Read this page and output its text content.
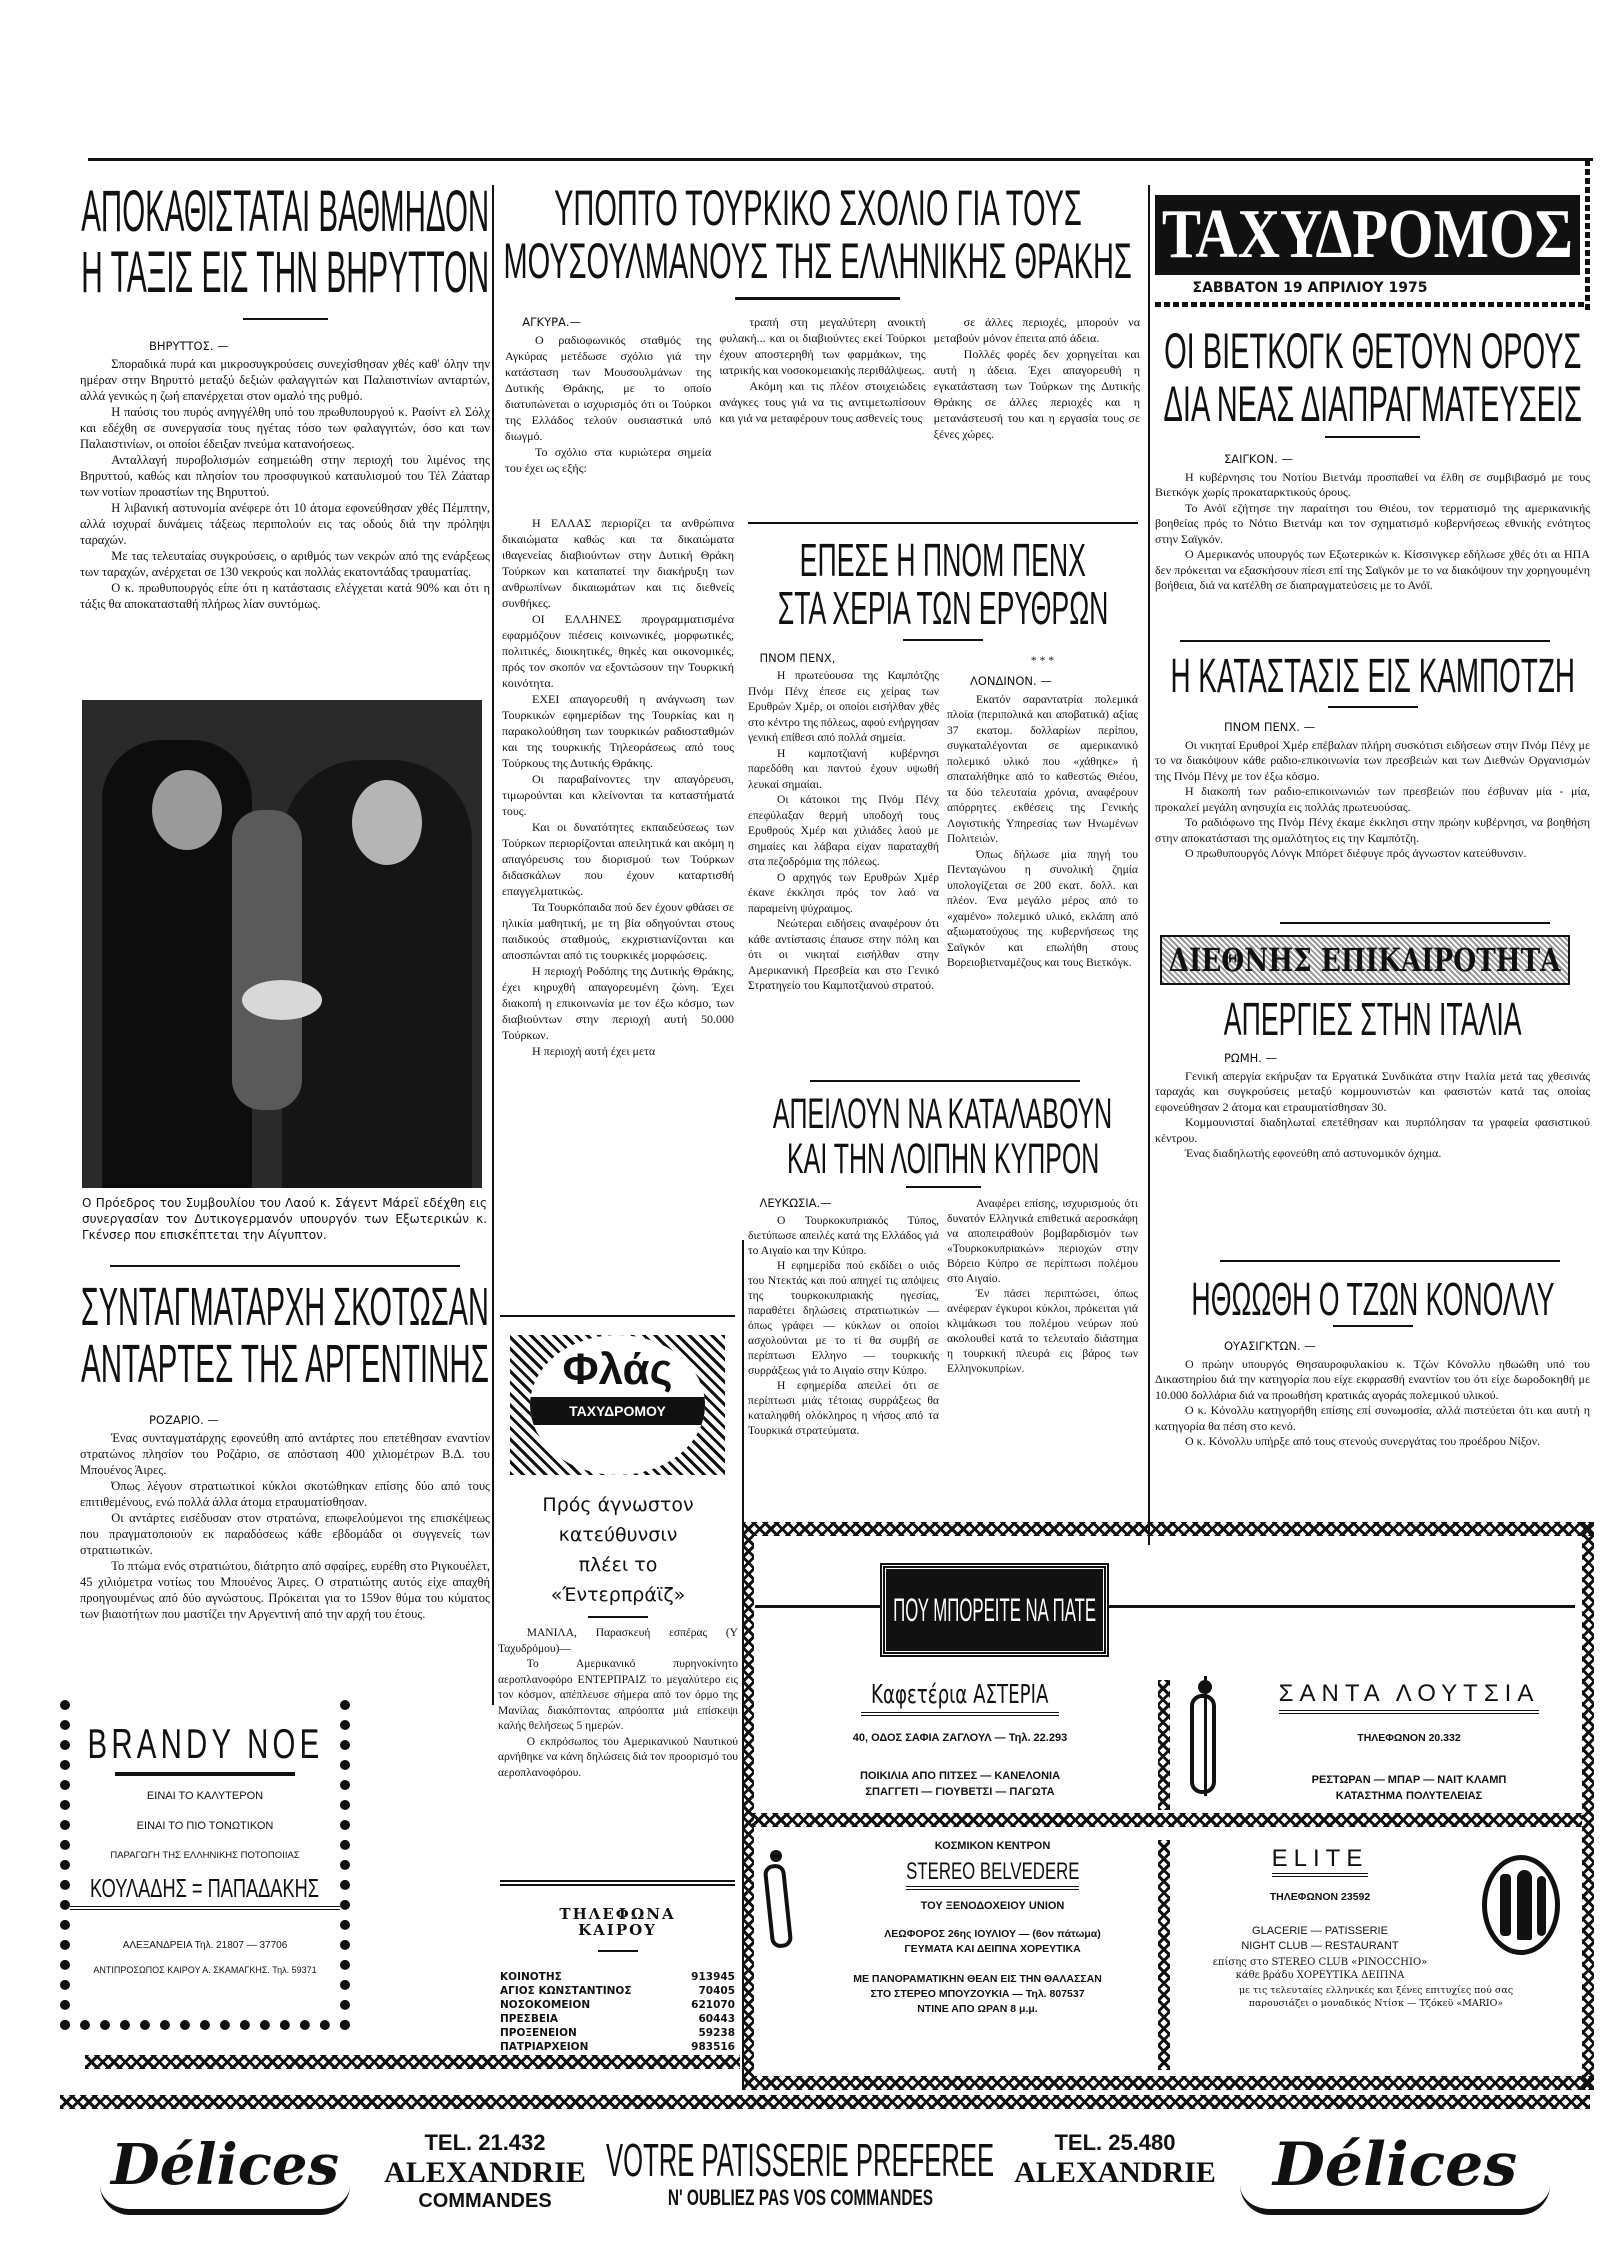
ΑΠΟΚΑΘΙΣΤΑΤΑΙ ΒΑΘΜΗΔΟΝ
Η ΤΑΞΙΣ ΕΙΣ ΤΗΝ ΒΗΡΥΤΤΟΝ
ΒΗΡΥΤΤΟΣ. —

Σποραδικά πυρά και μικροσυγκρούσεις συνεχίσθησαν χθές καθ' όλην την ημέραν στην Βηρυττό μεταξύ δεξιών φαλαγγιτών και Παλαιστινίων ανταρτών, αλλά γενικώς η ζωή επανέρχεται στον ομαλό της ρυθμό.

Η παύσις του πυρός ανηγγέλθη υπό του πρωθυπουργού κ. Ρασίντ ελ Σόλχ και εδέχθη σε συνεργασία τους ηγέτας τόσο των φαλαγγιτών, όσο και των Παλαιστινίων, οι οποίοι έδειξαν πνεύμα κατανοήσεως.

Ανταλλαγή πυροβολισμών εσημειώθη στην περιοχή του λιμένος της Βηρυττού, καθώς και πλησίον του προσφυγικού καταυλισμού του Τέλ Ζάαταρ των νοτίων προαστίων της Βηρυττού.

Η λιβανική αστυνομία ανέφερε ότι 10 άτομα εφονεύθησαν χθές Πέμπτην, αλλά ισχυραί δυνάμεις τάξεως περιπολούν εις τας οδούς διά την πρόληψι ταραχών.

Με τας τελευταίας συγκρούσεις, ο αριθμός των νεκρών από της ενάρξεως των ταραχών, ανέρχεται σε 130 νεκρούς και πολλάς εκατοντάδας τραυματίας.

Ο κ. πρωθυπουργός είπε ότι η κατάστασις ελέγχεται κατά 90% και ότι η τάξις θα αποκατασταθή πλήρως λίαν συντόμως.

Ο Πρόεδρος του Συμβουλίου του Λαού κ. Σάγεντ Μάρεϊ εδέχθη εις συνεργασίαν τον Δυτικογερμανόν υπουργόν των Εξωτερικών κ. Γκένσερ που επισκέπτεται την Αίγυπτον.
ΣΥΝΤΑΓΜΑΤΑΡΧΗ ΣΚΟΤΩΣΑΝ
ΑΝΤΑΡΤΕΣ ΤΗΣ ΑΡΓΕΝΤΙΝΗΣ
ΡΟΖΑΡΙΟ. —

Ένας συνταγματάρχης εφονεύθη από αντάρτες που επετέθησαν εναντίον στρατώνος πλησίον του Ροζάριο, σε απόσταση 400 χιλιομέτρων Β.Δ. του Μπουένος Άιρες.

Όπως λέγουν στρατιωτικοί κύκλοι σκοτώθηκαν επίσης δύο από τους επιτιθεμένους, ενώ πολλά άλλα άτομα ετραυματίσθησαν.

Οι αντάρτες εισέδυσαν στον στρατώνα, επωφελούμενοι της επισκέψεως που πραγματοποιούν εκ παραδόσεως κάθε εβδομάδα οι συγγενείς των στρατιωτικών.

Το πτώμα ενός στρατιώτου, διάτρητο από σφαίρες, ευρέθη στο Ριγκουέλετ, 45 χιλιόμετρα νοτίως του Μπουένος Άιρες. Ο στρατιώτης αυτός είχε απαχθή προηγουμένως από δύο αγνώστους. Πρόκειται για το 159ον θύμα του κύματος των βιαιοτήτων που μαστίζει την Αργεντινή από την αρχή του έτους.

BRANDY NOE
ΕΙΝΑΙ ΤΟ ΚΑΛΥΤΕΡΟΝ
ΕΙΝΑΙ ΤΟ ΠΙΟ ΤΟΝΩΤΙΚΟΝ
ΠΑΡΑΓΩΓΗ ΤΗΣ ΕΛΛΗΝΙΚΗΣ ΠΟΤΟΠΟΙΙΑΣ
ΚΟΥΛΑΔΗΣ = ΠΑΠΑΔΑΚΗΣ
ΑΛΕΞΑΝΔΡΕΙΑ Τηλ. 21807 — 37706
ΑΝΤΙΠΡΟΣΩΠΟΣ ΚΑΙΡΟΥ Α. ΣΚΑΜΑΓΚΗΣ. Τηλ. 59371
ΥΠΟΠΤΟ ΤΟΥΡΚΙΚΟ ΣΧΟΛΙΟ ΓΙΑ ΤΟΥΣ
ΜΟΥΣΟΥΛΜΑΝΟΥΣ ΤΗΣ ΕΛΛΗΝΙΚΗΣ ΘΡΑΚΗΣ
ΑΓΚΥΡΑ.—

Ο ραδιοφωνικός σταθμός της Αγκύρας μετέδωσε σχόλιο γιά την κατάσταση των Μουσουλμάνων της Δυτικής Θράκης, με το οποίο διατυπώνεται ο ισχυρισμός ότι οι Τούρκοι της Ελλάδος τελούν ουσιαστικά υπό διωγμό.

Το σχόλιο στα κυριώτερα σημεία του έχει ως εξής:

τραπή στη μεγαλύτερη ανοικτή φυλακή... και οι διαβιούντες εκεί Τούρκοι έχουν αποστερηθή των φαρμάκων, της ιατρικής και νοσοκομειακής περιθάλψεως.

Ακόμη και τις πλέον στοιχειώδεις ανάγκες τους γιά να τις αντιμετωπίσουν και γιά να μεταφέρουν τους ασθενείς τους

σε άλλες περιοχές, μπορούν να μεταβούν μόνον έπειτα από άδεια.

Πολλές φορές δεν χορηγείται και αυτή η άδεια. Έχει απαγορευθή η εγκατάσταση των Τούρκων της Δυτικής Θράκης σε άλλες περιοχές και η μετανάστευσή του και η εργασία τους σε ξένες χώρες.

Η ΕΛΛΑΣ περιορίζει τα ανθρώπινα δικαιώματα καθώς και τα δικαιώματα ιθαγενείας διαβιούντων στην Δυτική Θράκη Τούρκων και καταπατεί την διακήρυξη των ανθρωπίνων δικαιωμάτων και τις διεθνείς συνθήκες.

ΟΙ ΕΛΛΗΝΕΣ προγραμματισμένα εφαρμόζουν πιέσεις κοινωνικές, μορφωτικές, πολιτικές, διοικητικές, θηκές και οικονομικές, πρός τον σκοπόν να εξοντώσουν την Τουρκική κοινότητα.

ΕΧΕΙ απαγορευθή η ανάγνωση των Τουρκικών εφημερίδων της Τουρκίας και η παρακολούθηση των τουρκικών ραδιοσταθμών και της τουρκικής Τηλεοράσεως από τους Τούρκους της Δυτικής Θράκης.

Οι παραβαίνοντες την απαγόρευσι, τιμωρούνται και κλείνονται τα καταστήματά τους.

Και οι δυνατότητες εκπαιδεύσεως των Τούρκων περιορίζονται απειλητικά και ακόμη η απαγόρευσις του διορισμού των Τούρκων διδασκάλων που έχουν καταρτισθή επαγγελματικώς.

Τα Τουρκόπαιδα πού δεν έχουν φθάσει σε ηλικία μαθητική, με τη βία οδηγούνται στους παιδικούς σταθμούς, εκχριστιανίζονται και αποσπώνται από τις τουρκικές μορφώσεις.

Η περιοχή Ροδόπης της Δυτικής Θράκης, έχει κηρυχθή απαγορευμένη ζώνη. Έχει διακοπή η επικοινωνία με τον έξω κόσμο, των διαβιούντων στην περιοχή αυτή 50.000 Τούρκων.

Η περιοχή αυτή έχει μετα

ΕΠΕΣΕ Η ΠΝΟΜ ΠΕΝΧ
ΣΤΑ ΧΕΡΙΑ ΤΩΝ ΕΡΥΘΡΩΝ
ΠΝΟΜ ΠΕΝΧ,

Η πρωτεύουσα της Καμπότζης Πνόμ Πένχ έπεσε εις χείρας των Ερυθρών Χμέρ, οι οποίοι εισήλθαν χθές στο κέντρο της πόλεως, αφού ενήργησαν γενική επίθεσι από πολλά σημεία.

Η καμποτζιανή κυβέρνησι παρεδόθη και παντού έχουν υψωθή λευκαί σημαίαι.

Οι κάτοικοι της Πνόμ Πένχ επεφύλαξαν θερμή υποδοχή τους Ερυθρούς Χμέρ και χιλιάδες λαού με σημαίες και λάβαρα είχαν παραταχθή στα πεζοδρόμια της πόλεως.

Ο αρχηγός των Ερυθρών Χμέρ έκανε έκκλησι πρός τον λαό να παραμείνη ψύχραιμος.

Νεώτεραι ειδήσεις αναφέρουν ότι κάθε αντίστασις έπαυσε στην πόλη και ότι οι νικηταί εισήλθαν στην Αμερικανική Πρεσβεία και στο Γενικό Στρατηγείο του Καμποτζιανού στρατού.

* * *
ΛΟΝΔΙΝΟΝ. —

Εκατόν σαραντατρία πολεμικά πλοία (περιπολικά και αποβατικά) αξίας 37 εκατομ. δολλαρίων περίπου, συγκαταλέγονται σε αμερικανικό πολεμικό υλικό που «χάθηκε» ή σπαταλήθηκε από το καθεστώς Θιέου, τα δύο τελευταία χρόνια, αναφέρουν απόρρητες εκθέσεις της Γενικής Λογιστικής Υπηρεσίας των Ηνωμένων Πολιτειών.

Όπως δήλωσε μία πηγή του Πενταγώνου η συνολική ζημία υπολογίζεται σε 200 εκατ. δολλ. και πλέον. Ένα μεγάλο μέρος από το «χαμένο» πολεμικό υλικό, εκλάπη από αξιωματούχους της κυβερνήσεως της Σαϊγκόν και επωλήθη στους Βορειοβιετναμέζους και τους Βιετκόγκ.

ΑΠΕΙΛΟΥΝ ΝΑ ΚΑΤΑΛΑΒΟΥΝ
ΚΑΙ ΤΗΝ ΛΟΙΠΗΝ ΚΥΠΡΟΝ
ΛΕΥΚΩΣΙΑ.—

Ο Τουρκοκυπριακός Τύπος, διετύπωσε απειλές κατά της Ελλάδος γιά το Αιγαίο και την Κύπρο.

Η εφημερίδα πού εκδίδει ο υιός του Ντεκτάς και πού απηχεί τις απόψεις της τουρκοκυπριακής ηγεσίας, παραθέτει δηλώσεις στρατιωτικών — όπως γράφει — κύκλων οι οποίοι ασχολούνται με το τί θα συμβή σε περίπτωσι Ελληνο — τουρκικής συρράξεως γιά το Αιγαίο στην Κύπρο.

Η εφημερίδα απειλεί ότι σε περίπτωσι μιάς τέτοιας συρράξεως θα καταληφθή ολόκληρος η νήσος από τα Τουρκικά στρατεύματα.

Αναφέρει επίσης, ισχυρισμούς ότι δυνατόν Ελληνικά επιθετικά αεροσκάφη να αποπειραθούν βομβαρδισμόν των «Τουρκοκυπριακών» περιοχών στην Βόρειο Κύπρο σε περίπτωσι πολέμου στο Αιγαίο.

Έν πάσει περιπτώσει, όπως ανέφεραν έγκυροι κύκλοι, πρόκειται γιά κλιμάκωσι του πολέμου νεύρων πού ακολουθεί κατά το τελευταίο διάστημα η τουρκική πλευρά εις βάρος των Ελληνοκυπρίων.

Φλάς
ΤΑΧΥΔΡΟΜΟΥ
Πρός άγνωστον
κατεύθυνσιν
πλέει το
«Έντερπράϊζ»

ΜΑΝΙΛΑ, Παρασκευή εσπέρας (Υ Ταχυδρόμου)—

Το Αμερικανικό πυρηνοκίνητο αεροπλανοφόρο ΕΝΤΕΡΠΡΑΙΖ το μεγαλύτερο εις τον κόσμον, απέπλευσε σήμερα από τον όρμο της Μανίλας διακόπτοντας απρόοπτα μιά επίσκεψι καλής θελήσεως 5 ημερών.

Ο εκπρόσωπος του Αμερικανικού Ναυτικού αρνήθηκε να κάνη δηλώσεις διά τον προορισμό του αεροπλανοφόρου.

ΤΗΛΕΦΩΝΑ
ΚΑΙΡΟΥ
ΚΟΙΝΟΤΗΣ	913945
ΑΓΙΟΣ ΚΩΝΣΤΑΝΤΙΝΟΣ	70405
ΝΟΣΟΚΟΜΕΙΟΝ	621070
ΠΡΕΣΒΕΙΑ	60443
ΠΡΟΞΕΝΕΙΟΝ	59238
ΠΑΤΡΙΑΡΧΕΙΟΝ	983516
ΤΑΧΥΔΡΟΜΟΣ
ΣΑΒΒΑΤΟΝ 19 ΑΠΡΙΛΙΟΥ 1975
ΟΙ ΒΙΕΤΚΟΓΚ ΘΕΤΟΥΝ ΟΡΟΥΣ
ΔΙΑ ΝΕΑΣ ΔΙΑΠΡΑΓΜΑΤΕΥΣΕΙΣ
ΣΑΙΓΚΟΝ. —

Η κυβέρνησις του Νοτίου Βιετνάμ προσπαθεί να έλθη σε συμβιβασμό με τους Βιετκόγκ χωρίς προκαταρκτικούς όρους.

Το Ανόϊ εζήτησε την παραίτησι του Θιέου, τον τερματισμό της αμερικανικής βοηθείας πρός το Νότιο Βιετνάμ και τον σχηματισμό κυβερνήσεως εθνικής ενότητος στην Σαϊγκόν.

Ο Αμερικανός υπουργός των Εξωτερικών κ. Κίσσινγκερ εδήλωσε χθές ότι αι ΗΠΑ δεν πρόκειται να εξασκήσουν πίεσι επί της Σαϊγκόν με το να διακόψουν την χορηγουμένη βοήθεια, διά να κατέλθη σε διαπραγματεύσεις με το Ανόϊ.

Η ΚΑΤΑΣΤΑΣΙΣ ΕΙΣ ΚΑΜΠΟΤΖΗ
ΠΝΟΜ ΠΕΝΧ. —

Οι νικηταί Ερυθροί Χμέρ επέβαλαν πλήρη συσκότισι ειδήσεων στην Πνόμ Πένχ με το να διακόψουν κάθε ραδιο-επικοινωνία των πρεσβειών και των Διεθνών Οργανισμών της Πνόμ Πένχ με τον έξω κόσμο.

Η διακοπή των ραδιο-επικοινωνιών των πρεσβειών που έσβυναν μία - μία, προκαλεί μεγάλη ανησυχία εις πολλάς πρωτευούσας.

Το ραδιόφωνο της Πνόμ Πένχ έκαμε έκκλησι στην πρώην κυβέρνησι, να βοηθήση στην αποκατάστασι της ομαλότητος εις την Καμπότζη.

Ο πρωθυπουργός Λόνγκ Μπόρετ διέφυγε πρός άγνωστον κατεύθυνσιν.

ΔΙΕΘΝΗΣ ΕΠΙΚΑΙΡΟΤΗΤΑ
ΑΠΕΡΓΙΕΣ ΣΤΗΝ ΙΤΑΛΙΑ
ΡΩΜΗ. —

Γενική απεργία εκήρυξαν τα Εργατικά Συνδικάτα στην Ιταλία μετά τας χθεσινάς ταραχάς και συγκρούσεις μεταξύ κομμουνιστών και φασιστών κατά τας οποίας εφονεύθησαν 2 άτομα και ετραυματίσθησαν 30.

Κομμουνισταί διαδηλωταί επετέθησαν και πυρπόλησαν τα γραφεία φασιστικού κέντρου.

Ένας διαδηλωτής εφονεύθη από αστυνομικόν όχημα.

ΗΘΩΩΘΗ Ο ΤΖΩΝ ΚΟΝΟΛΛΥ
ΟΥΑΣΙΓΚΤΩΝ. —

Ο πρώην υπουργός Θησαυροφυλακίου κ. Τζών Κόνολλυ ηθωώθη υπό του Δικαστηρίου διά την κατηγορία που είχε εκφρασθή εναντίον του ότι είχε δωροδοκηθή με 10.000 δολλάρια διά να προωθήση κρατικάς αγοράς πολεμικού υλικού.

Ο κ. Κόνολλυ κατηγορήθη επίσης επί συνωμοσία, αλλά πιστεύεται ότι και αυτή η κατηγορία θα πέση στο κενό.

Ο κ. Κόνολλυ υπήρξε από τους στενούς συνεργάτας του προέδρου Νίξον.

ΠΟΥ ΜΠΟΡΕΙΤΕ ΝΑ ΠΑΤΕ
Καφετέρια ΑΣΤΕΡΙΑ
40, ΟΔΟΣ ΣΑΦΙΑ ΖΑΓΛΟΥΛ — Τηλ. 22.293
ΠΟΙΚΙΛΙΑ ΑΠΟ ΠΙΤΣΕΣ — ΚΑΝΕΛΟΝΙΑ
ΣΠΑΓΓΕΤΙ — ΓΙΟΥΒΕΤΣΙ — ΠΑΓΩΤΑ
ΣΑΝΤΑ ΛΟΥΤΣΙΑ
ΤΗΛΕΦΩΝΟΝ 20.332
ΡΕΣΤΩΡΑΝ — ΜΠΑΡ — ΝΑΙΤ ΚΛΑΜΠ
ΚΑΤΑΣΤΗΜΑ ΠΟΛΥΤΕΛΕΙΑΣ
ΚΟΣΜΙΚΟΝ ΚΕΝΤΡΟΝ
STEREO BELVEDERE
ΤΟΥ ΞΕΝΟΔΟΧΕΙΟΥ UNION
ΛΕΩΦΟΡΟΣ 26ης ΙΟΥΛΙΟΥ — (6ον πάτωμα)
ΓΕΥΜΑΤΑ ΚΑΙ ΔΕΙΠΝΑ ΧΟΡΕΥΤΙΚΑ
ΜΕ ΠΑΝΟΡΑΜΑΤΙΚΗΝ ΘΕΑΝ ΕΙΣ ΤΗΝ ΘΑΛΑΣΣΑΝ
ΣΤΟ ΣΤΕΡΕΟ ΜΠΟΥΖΟΥΚΙΑ — Τηλ. 807537
ΝΤΙΝΕ ΑΠΟ ΩΡΑΝ 8 μ.μ.
ELITE
ΤΗΛΕΦΩΝΟΝ 23592
GLACERIE — PATISSERIE
NIGHT CLUB — RESTAURANT
επίσης στο STEREO CLUB «PINOCCHIO»
κάθε βράδυ ΧΟΡΕΥΤΙΚΑ ΔΕΙΠΝΑ
με τις τελευταίες ελληνικές και ξένες επιτυχίες πού σας
παρουσιάζει ο μοναδικός Ντίσκ — Τζόκεϋ «MARIO»
Délices	TEL. 21.432
ALEXANDRIE
COMMANDES
VOTRE PATISSERIE PREFEREE
N' OUBLIEZ PAS VOS COMMANDES
TEL. 25.480
ALEXANDRIE Délices
